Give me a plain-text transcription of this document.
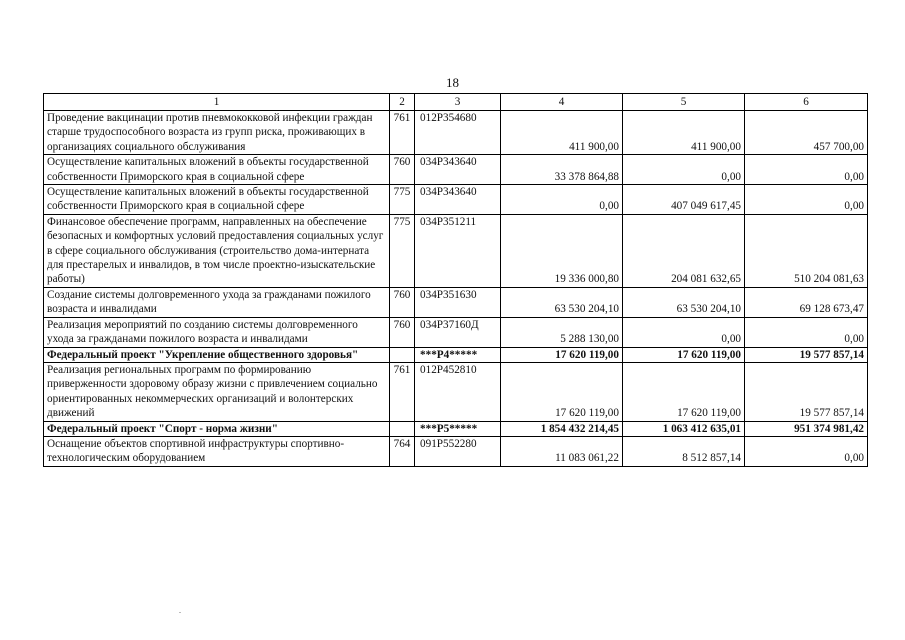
18
1	2	3	4	5	6
Проведение вакцинации против пневмококковой инфекции граждан старше трудоспособного возраста из групп риска, проживающих в организациях социального обслуживания	761	012Р354680	411 900,00	411 900,00	457 700,00
Осуществление капитальных вложений в объекты государственной собственности Приморского края в социальной сфере	760	034Р343640	33 378 864,88	0,00	0,00
Осуществление капитальных вложений в объекты государственной собственности Приморского края в социальной сфере	775	034Р343640	0,00	407 049 617,45	0,00
Финансовое обеспечение программ, направленных на обеспечение безопасных и комфортных условий предоставления социальных услуг в сфере социального обслуживания (строительство дома-интерната для престарелых и инвалидов, в том числе проектно-изыскательские работы)	775	034Р351211	19 336 000,80	204 081 632,65	510 204 081,63
Создание системы долговременного ухода за гражданами пожилого возраста и инвалидами	760	034Р351630	63 530 204,10	63 530 204,10	69 128 673,47
Реализация мероприятий по созданию системы долговременного ухода за гражданами пожилого возраста и инвалидами	760	034Р37160Д	5 288 130,00	0,00	0,00
Федеральный проект "Укрепление общественного здоровья"		***Р4*****	17 620 119,00	17 620 119,00	19 577 857,14
Реализация региональных программ по формированию приверженности здоровому образу жизни с привлечением социально ориентированных некоммерческих организаций и волонтерских движений	761	012Р452810	17 620 119,00	17 620 119,00	19 577 857,14
Федеральный проект "Спорт - норма жизни"		***Р5*****	1 854 432 214,45	1 063 412 635,01	951 374 981,42
Оснащение объектов спортивной инфраструктуры спортивно-технологическим оборудованием	764	091Р552280	11 083 061,22	8 512 857,14	0,00
